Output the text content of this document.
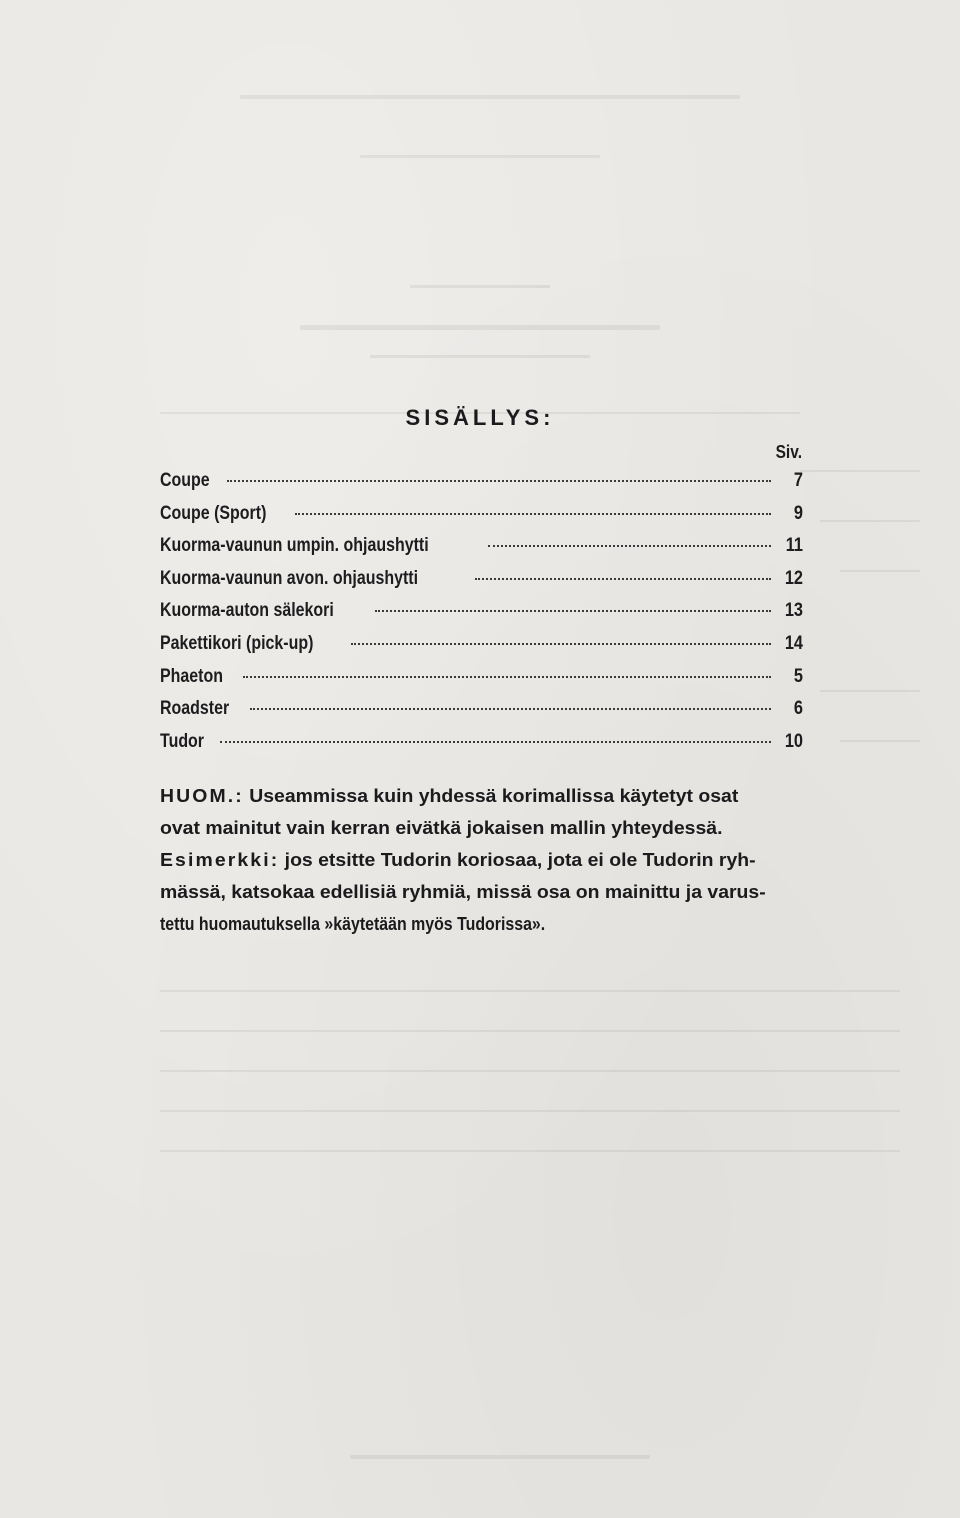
SISÄLLYS:
Siv.
Coupe	7
Coupe (Sport)	9
Kuorma-vaunun umpin. ohjaushytti	11
Kuorma-vaunun avon. ohjaushytti	12
Kuorma-auton sälekori	13
Pakettikori (pick-up)	14
Phaeton	5
Roadster	6
Tudor	10
HUOM.: Useammissa kuin yhdessä korimallissa käytetyt osat
ovat mainitut vain kerran eivätkä jokaisen mallin yhteydessä.
Esimerkki: jos etsitte Tudorin koriosaa, jota ei ole Tudorin ryh-
mässä, katsokaa edellisiä ryhmiä, missä osa on mainittu ja varus-
tettu huomautuksella »käytetään myös Tudorissa».
